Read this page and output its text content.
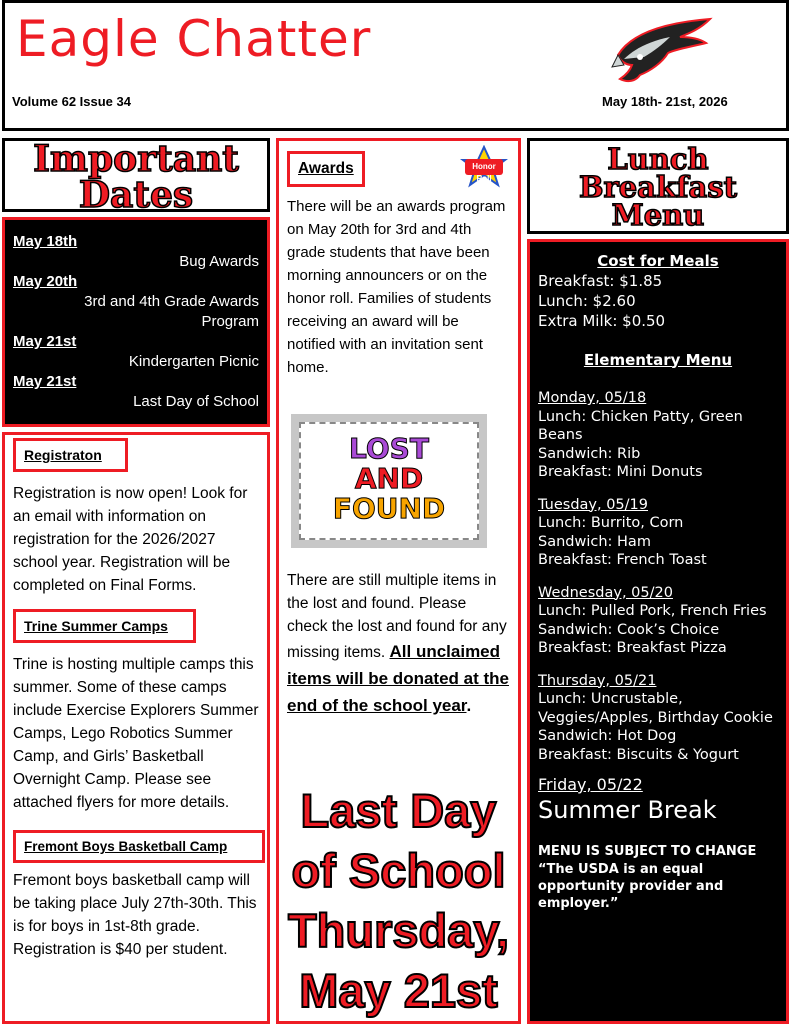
Eagle Chatter
Volume 62 Issue 34	May 18th- 21st, 2026
Important
Dates
May 18th
Bug Awards
May 20th
3rd and 4th Grade Awards Program
May 21st
Kindergarten Picnic
May 21st
Last Day of School
Registraton
Registration is now open! Look for an email with information on registration for the 2026/2027 school year. Registration will be completed on Final Forms.
Trine Summer Camps
Trine is hosting multiple camps this summer. Some of these camps include Exercise Explorers Summer Camps, Lego Robotics Summer Camp, and Girls’ Basketball Overnight Camp. Please see attached flyers for more details.
Fremont Boys Basketball Camp
Fremont boys basketball camp will be taking place July 27th-30th. This is for boys in 1st-8th grade. Registration is $40 per student.
Awards	Honor Roll
There will be an awards program on May 20th for 3rd and 4th grade students that have been morning announcers or on the honor roll. Families of students receiving an award will be notified with an invitation sent home.
LOST
AND
FOUND
There are still multiple items in the lost and found. Please check the lost and found for any missing items. All unclaimed items will be donated at the end of the school year.
Last Day
of School
Thursday,
May 21st
Lunch
Breakfast
Menu
Cost for Meals
Breakfast: $1.85
Lunch: $2.60
Extra Milk: $0.50
Elementary Menu
Monday, 05/18
Lunch: Chicken Patty, Green Beans
Sandwich: Rib
Breakfast: Mini Donuts
Tuesday, 05/19
Lunch: Burrito, Corn
Sandwich: Ham
Breakfast: French Toast
Wednesday, 05/20
Lunch: Pulled Pork, French Fries
Sandwich: Cook’s Choice
Breakfast: Breakfast Pizza
Thursday, 05/21
Lunch: Uncrustable, Veggies/Apples, Birthday Cookie
Sandwich: Hot Dog
Breakfast: Biscuits & Yogurt
Friday, 05/22
Summer Break
MENU IS SUBJECT TO CHANGE
“The USDA is an equal opportunity provider and employer.”
